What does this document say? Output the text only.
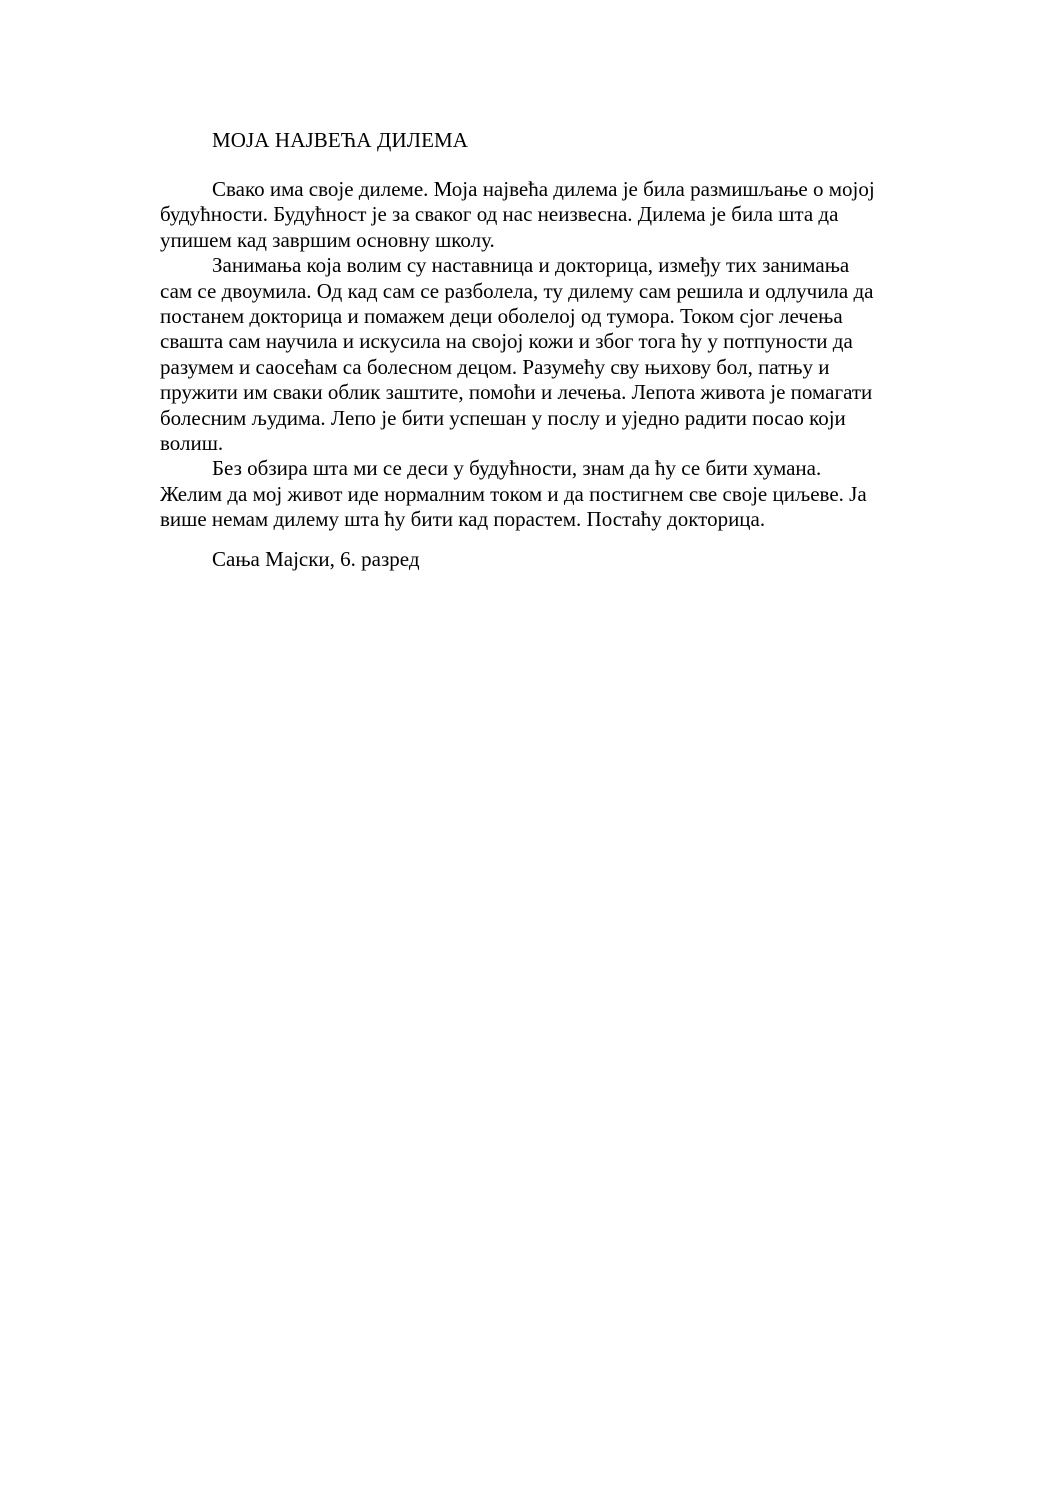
МОЈА НАЈВЕЋА ДИЛЕМА
Свако има своје дилеме. Моја највећа дилема је била размишљање о мојој
будућности. Будућност је за сваког од нас неизвесна. Дилема је била шта да
упишем кад завршим основну школу.
Занимања која волим су наставница и докторица, између тих занимања
сам се двоумила. Од кад сам се разболела, ту дилему сам решила и одлучила да
постанем докторица и помажем деци оболелој од тумора. Током сјог лечења
свашта сам научила и искусила на својој кожи и због тога ћу у потпуности да
разумем и саосећам са болесном децом. Разумећу сву њихову бол, патњу и
пружити им сваки облик заштите, помоћи и лечења. Лепота живота је помагати
болесним људима. Лепо је бити успешан у послу и уједно радити посао који
волиш.
Без обзира шта ми се деси у будућности, знам да ћу се бити хумана.
Желим да мој живот иде нормалним током и да постигнем све своје циљеве. Ја
више немам дилему шта ћу бити кад порастем. Постаћу докторица.
Сања Мајски, 6. разред
